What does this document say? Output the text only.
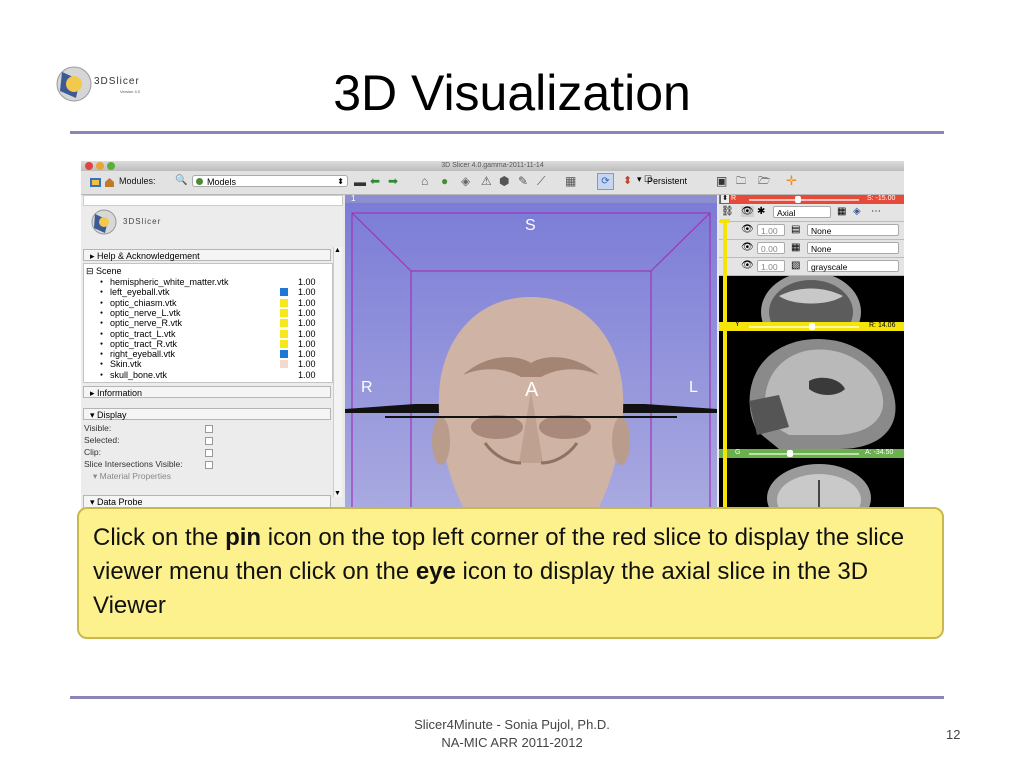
3DSlicer
Version 4.0	3D Visualization
3D Slicer 4.0.gamma-2011-11-14
Modules: 🔍	Models	⬍ ▬ ⬅ ➡ ⌂ ● ◈ ⚠ ⬢ ✎ ⟋ ▦	⟳	⬍ ▾ ☐
Persistent ▣ 🗀 🗁 ✛
3DSlicer
▸ Help & Acknowledgement
⊟ Scene
● hemispheric_white_matter.vtk	1.00
● left_eyeball.vtk	1.00
● optic_chiasm.vtk	1.00
● optic_nerve_L.vtk	1.00
● optic_nerve_R.vtk	1.00
● optic_tract_L.vtk	1.00
● optic_tract_R.vtk	1.00
● right_eyeball.vtk	1.00
● Skin.vtk	1.00
● skull_bone.vtk	1.00
▸ Information
▾ Display
Visible:
Selected:
Clip:
Slice Intersections Visible:
▾ Material Properties
▾ Data Probe
▲
▼
1
S
R	A	L
⬍ R	S: -15.00
⛓ 👁 ✱	Axial	▦ ◈ ⋯
👁 1.00	▤	None
👁 0.00	▦	None
👁 1.00	▧	grayscale
Y	R: 14.06
G	A: -34.50
Click on the pin icon on the top left corner of the red slice to display the slice viewer menu then click on the eye icon to display the axial slice in the 3D Viewer
Slicer4Minute - Sonia Pujol, Ph.D.
NA-MIC ARR 2011-2012
12
